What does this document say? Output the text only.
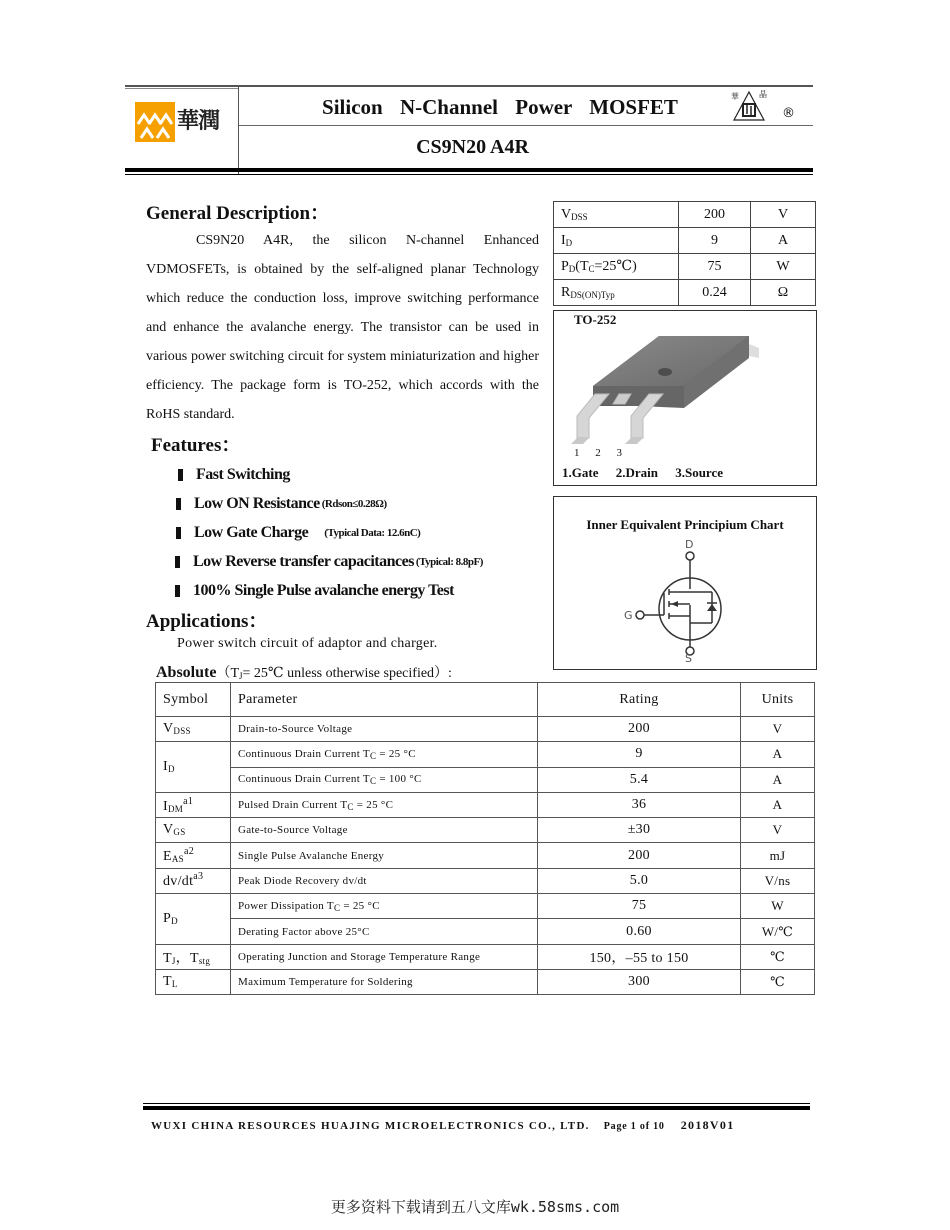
華潤
Silicon N-Channel Power MOSFET
CS9N20 A4R
華	晶
®
General Description：
CS9N20 A4R, the silicon N-channel Enhanced VDMOSFETs, is obtained by the self-aligned planar Technology which reduce the conduction loss, improve switching performance and enhance the avalanche energy. The transistor can be used in various power switching circuit for system miniaturization and higher efficiency. The package form is TO-252, which accords with the RoHS standard.
$V_{DSS}$	200	V
$I_D$	9	A
$P_D(T_C=25℃)$	75	W
$R_{DS(ON)Typ}$	0.24	Ω
TO-252
1 2 3
1.Gate 2.Drain 3.Source
Inner Equivalent Principium Chart
D
G
S
Features：
Fast Switching
Low ON Resistance (Rdson≤0.28Ω)
Low Gate Charge (Typical Data: 12.6nC)
Low Reverse transfer capacitances (Typical: 8.8pF)
100% Single Pulse avalanche energy Test
Applications：
Power switch circuit of adaptor and charger.
$Absolute(T_J=$ 25℃ unless otherwise specified）:
Symbol	Parameter	Rating	Units
$V_{DSS}$	Drain-to-Source Voltage	200	V
$I_D$	Continuous Drain Current $T_C = 25$ °C	9	A
	Continuous Drain Current $T_C = 100$ °C	5.4	A
$I_{DM}^{a1}$	Pulsed Drain Current $T_C = 25$ °C	36	A
$V_{GS}$	Gate-to-Source Voltage	±30	V
$E_{AS}^{a2}$	Single Pulse Avalanche Energy	200	mJ
$dv/dt^{a3}$	Peak Diode Recovery dv/dt	5.0	V/ns
$P_D$	Power Dissipation $T_C = 25$ °C	75	W
	Derating Factor above 25°C	0.60	W/℃
$T_J$，$T_{stg}$	Operating Junction and Storage Temperature Range	150，–55 to 150	℃
$T_L$	Maximum Temperature for Soldering	300	℃
WUXI CHINA RESOURCES HUAJING MICROELECTRONICS CO., LTD. Page 1 of 10 2018V01
更多资料下载请到五八文库wk.58sms.com
